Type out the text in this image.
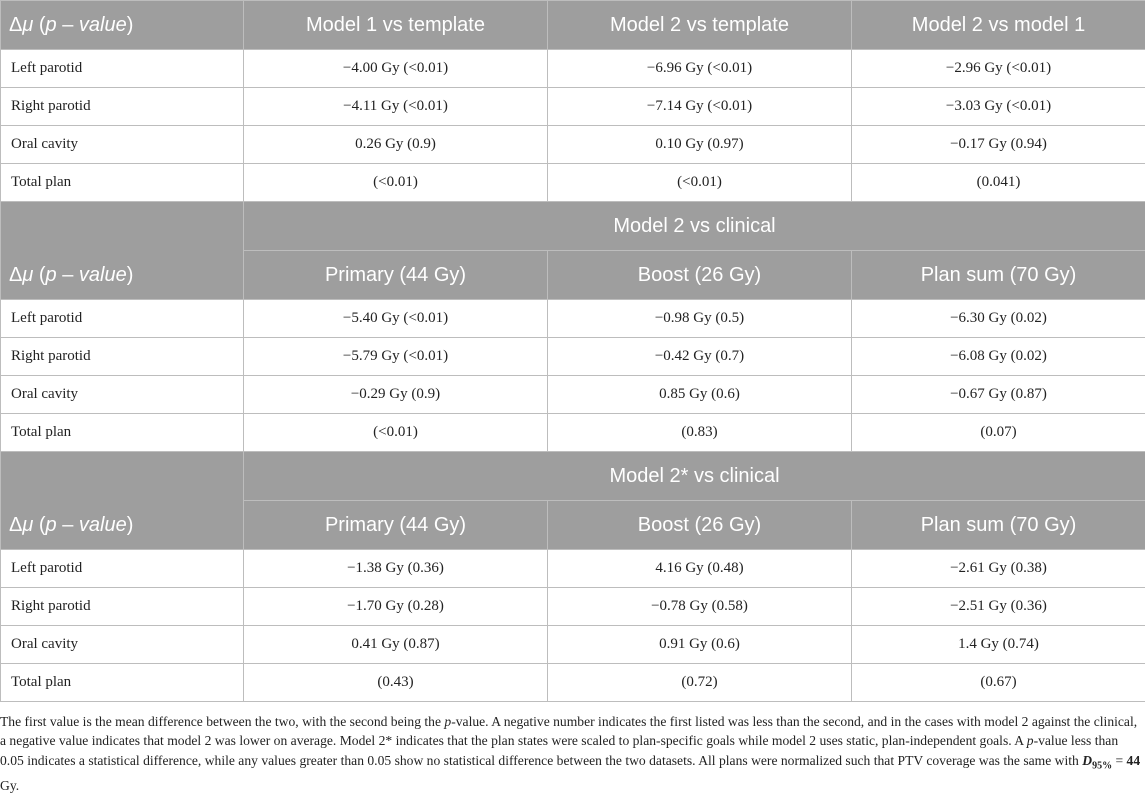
Δμ (p – value)	Model 1 vs template	Model 2 vs template	Model 2 vs model 1
Left parotid	−4.00 Gy (<0.01)	−6.96 Gy (<0.01)	−2.96 Gy (<0.01)
Right parotid	−4.11 Gy (<0.01)	−7.14 Gy (<0.01)	−3.03 Gy (<0.01)
Oral cavity	0.26 Gy (0.9)	0.10 Gy (0.97)	−0.17 Gy (0.94)
Total plan	(<0.01)	(<0.01)	(0.041)
Δμ (p – value)	Model 2 vs clinical		
	Primary (44 Gy)	Boost (26 Gy)	Plan sum (70 Gy)
Left parotid	−5.40 Gy (<0.01)	−0.98 Gy (0.5)	−6.30 Gy (0.02)
Right parotid	−5.79 Gy (<0.01)	−0.42 Gy (0.7)	−6.08 Gy (0.02)
Oral cavity	−0.29 Gy (0.9)	0.85 Gy (0.6)	−0.67 Gy (0.87)
Total plan	(<0.01)	(0.83)	(0.07)
Δμ (p – value)	Model 2* vs clinical		
	Primary (44 Gy)	Boost (26 Gy)	Plan sum (70 Gy)
Left parotid	−1.38 Gy (0.36)	4.16 Gy (0.48)	−2.61 Gy (0.38)
Right parotid	−1.70 Gy (0.28)	−0.78 Gy (0.58)	−2.51 Gy (0.36)
Oral cavity	0.41 Gy (0.87)	0.91 Gy (0.6)	1.4 Gy (0.74)
Total plan	(0.43)	(0.72)	(0.67)

The first value is the mean difference between the two, with the second being the p-value. A negative number indicates the first listed was less than the second, and in the cases with model 2 against the clinical, a negative value indicates that model 2 was lower on average. Model 2* indicates that the plan states were scaled to plan-specific goals while model 2 uses static, plan-independent goals. A p-value less than 0.05 indicates a statistical difference, while any values greater than 0.05 show no statistical difference between the two datasets. All plans were normalized such that PTV coverage was the same with $D_{95\%} = 44$ Gy.
